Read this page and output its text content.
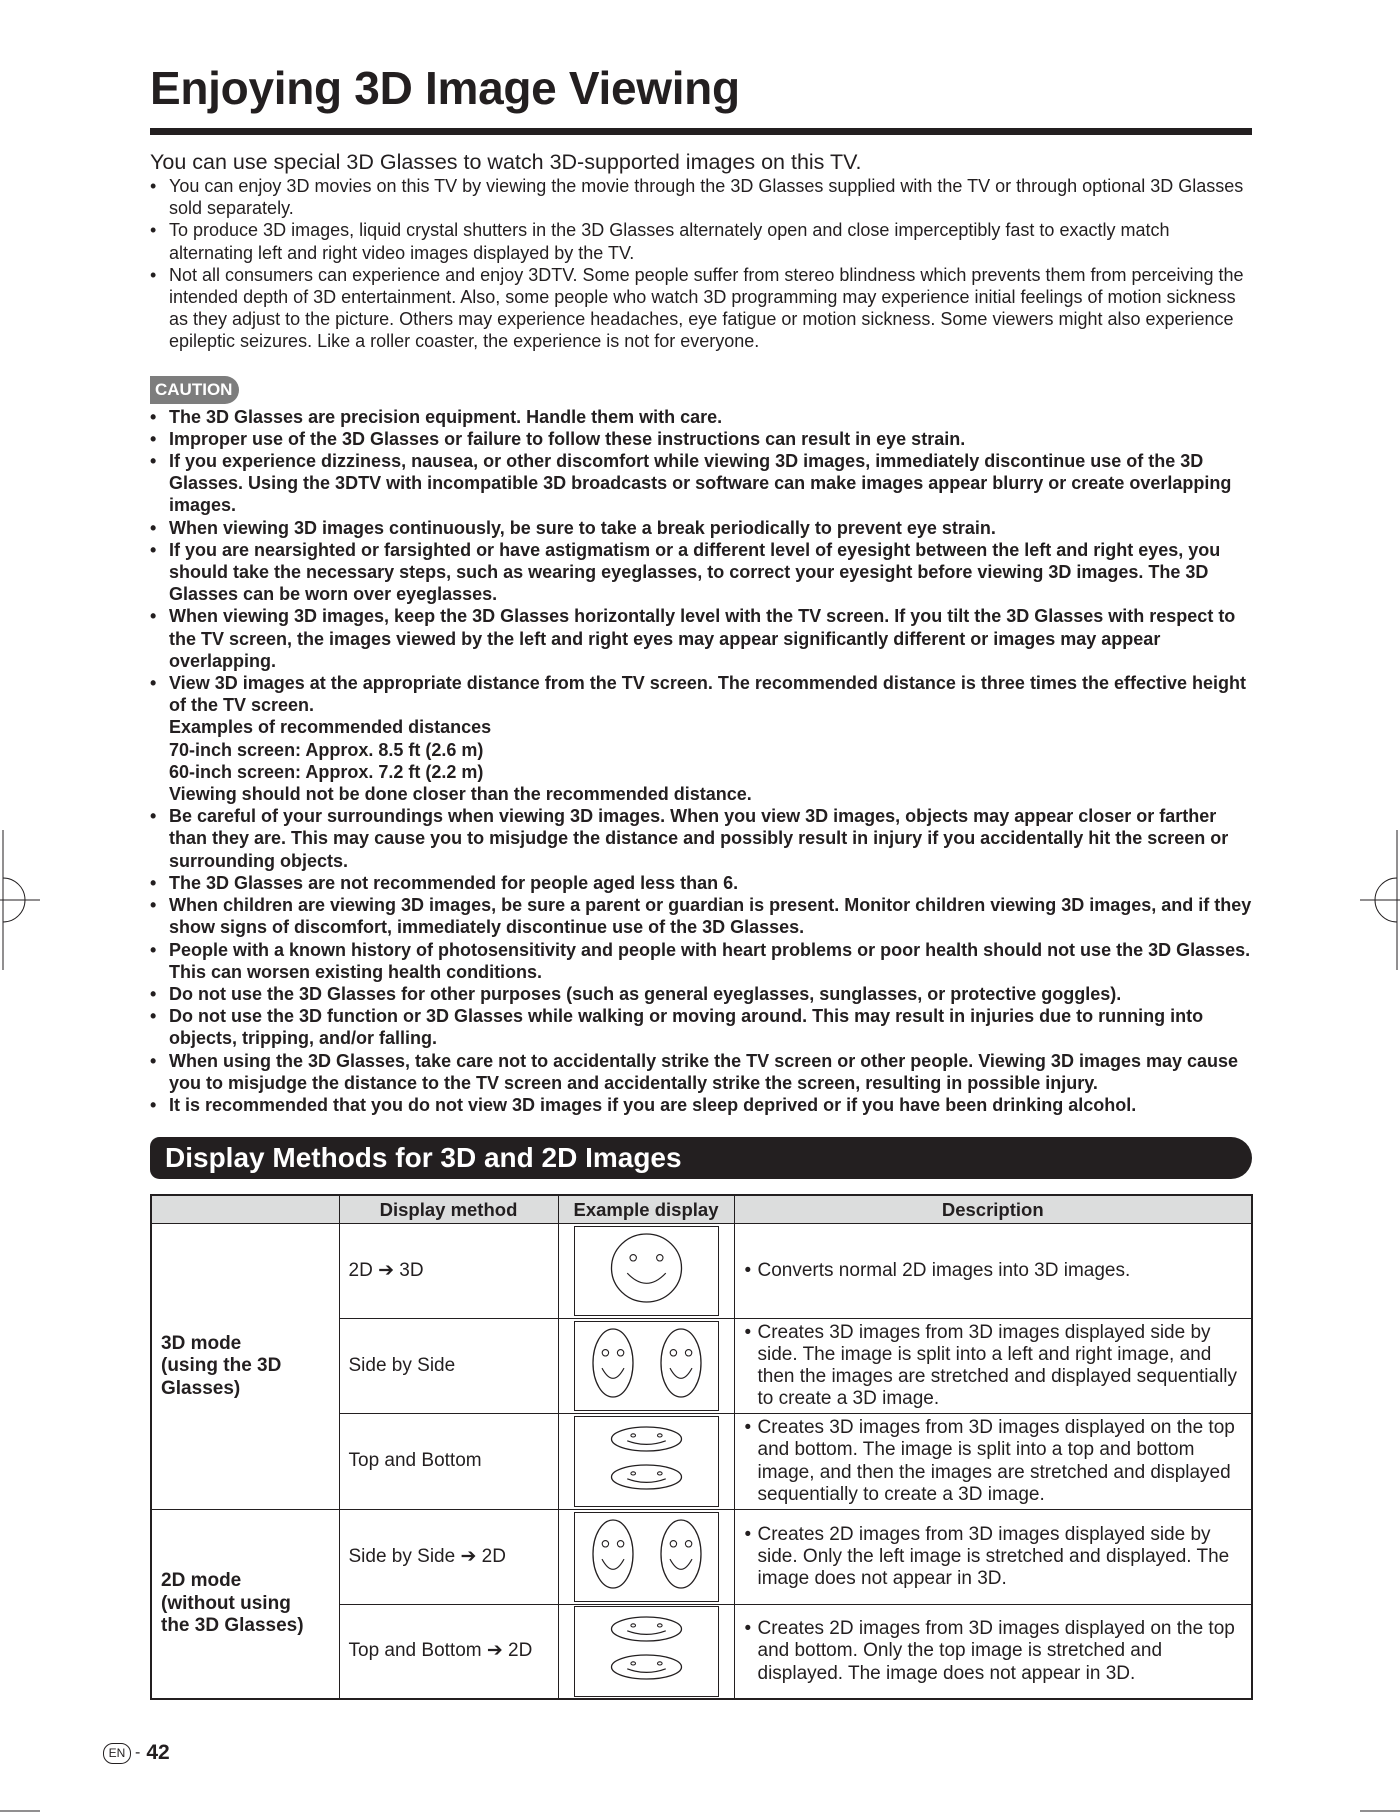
Enjoying 3D Image Viewing
You can use special 3D Glasses to watch 3D-supported images on this TV.
• You can enjoy 3D movies on this TV by viewing the movie through the 3D Glasses supplied with the TV or through optional 3D Glasses sold separately.
• To produce 3D images, liquid crystal shutters in the 3D Glasses alternately open and close imperceptibly fast to exactly match alternating left and right video images displayed by the TV.
• Not all consumers can experience and enjoy 3DTV. Some people suffer from stereo blindness which prevents them from perceiving the intended depth of 3D entertainment. Also, some people who watch 3D programming may experience initial feelings of motion sickness as they adjust to the picture. Others may experience headaches, eye fatigue or motion sickness. Some viewers might also experience epileptic seizures. Like a roller coaster, the experience is not for everyone.
CAUTION
• The 3D Glasses are precision equipment. Handle them with care.
• Improper use of the 3D Glasses or failure to follow these instructions can result in eye strain.
• If you experience dizziness, nausea, or other discomfort while viewing 3D images, immediately discontinue use of the 3D Glasses. Using the 3DTV with incompatible 3D broadcasts or software can make images appear blurry or create overlapping images.
• When viewing 3D images continuously, be sure to take a break periodically to prevent eye strain.
• If you are nearsighted or farsighted or have astigmatism or a different level of eyesight between the left and right eyes, you should take the necessary steps, such as wearing eyeglasses, to correct your eyesight before viewing 3D images. The 3D Glasses can be worn over eyeglasses.
• When viewing 3D images, keep the 3D Glasses horizontally level with the TV screen. If you tilt the 3D Glasses with respect to the TV screen, the images viewed by the left and right eyes may appear significantly different or images may appear overlapping.
• View 3D images at the appropriate distance from the TV screen. The recommended distance is three times the effective height of the TV screen.
Examples of recommended distances
70-inch screen: Approx. 8.5 ft (2.6 m)
60-inch screen: Approx. 7.2 ft (2.2 m)
Viewing should not be done closer than the recommended distance.
• Be careful of your surroundings when viewing 3D images. When you view 3D images, objects may appear closer or farther than they are. This may cause you to misjudge the distance and possibly result in injury if you accidentally hit the screen or surrounding objects.
• The 3D Glasses are not recommended for people aged less than 6.
• When children are viewing 3D images, be sure a parent or guardian is present. Monitor children viewing 3D images, and if they show signs of discomfort, immediately discontinue use of the 3D Glasses.
• People with a known history of photosensitivity and people with heart problems or poor health should not use the 3D Glasses. This can worsen existing health conditions.
• Do not use the 3D Glasses for other purposes (such as general eyeglasses, sunglasses, or protective goggles).
• Do not use the 3D function or 3D Glasses while walking or moving around. This may result in injuries due to running into objects, tripping, and/or falling.
• When using the 3D Glasses, take care not to accidentally strike the TV screen or other people. Viewing 3D images may cause you to misjudge the distance to the TV screen and accidentally strike the screen, resulting in possible injury.
• It is recommended that you do not view 3D images if you are sleep deprived or if you have been drinking alcohol.
Display Methods for 3D and 2D Images
	Display method	Example display	Description
3D mode
(using the 3D
Glasses)	2D ➔ 3D		• Converts normal 2D images into 3D images.

	Side by Side		• Creates 3D images from 3D images displayed side by side. The image is split into a left and right image, and then the images are stretched and displayed sequentially to create a 3D image.

	Top and Bottom		• Creates 3D images from 3D images displayed on the top and bottom. The image is split into a top and bottom image, and then the images are stretched and displayed sequentially to create a 3D image.

2D mode
(without using
the 3D Glasses)	Side by Side ➔ 2D		• Creates 2D images from 3D images displayed side by side. Only the left image is stretched and displayed. The image does not appear in 3D.

	Top and Bottom ➔ 2D		• Creates 2D images from 3D images displayed on the top and bottom. Only the top image is stretched and displayed. The image does not appear in 3D.
EN - 42
